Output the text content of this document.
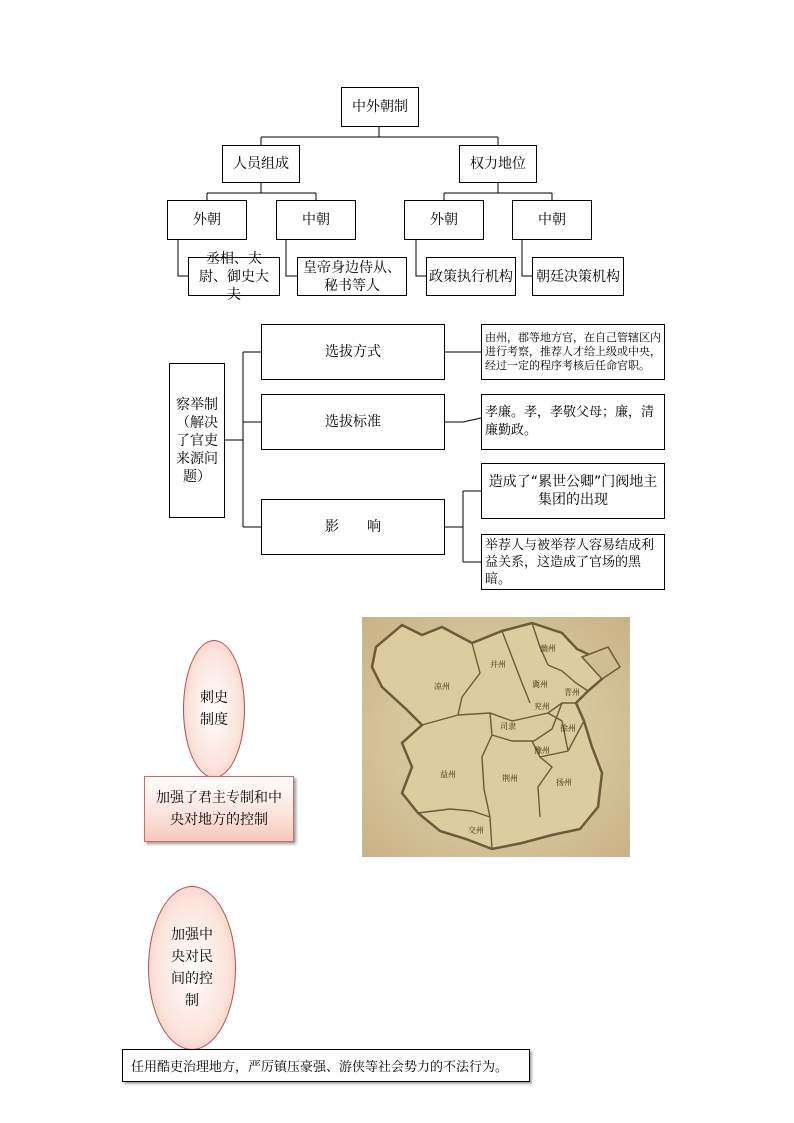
中外朝制
人员组成	权力地位
外朝	中朝	外朝	中朝
丞相、太尉、御史大夫
皇帝身边侍从、秘书等人
政策执行机构 朝廷决策机构
察举制（解决了官吏来源问题）
选拔方式
选拔标准
影　　响
由州，郡等地方官，在自己管辖区内进行考察，推荐人才给上级或中央，经过一定的程序考核后任命官职。
孝廉。孝，孝敬父母；廉，清廉勤政。
造成了“累世公卿”门阀地主集团的出现
举荐人与被举荐人容易结成利益关系，这造成了官场的黑暗。
刺史制度
加强了君主专制和中央对地方的控制
幽州
并州
冀州
凉州
青州
兖州
司隶	徐州
豫州
益州	荆州	扬州
交州
加强中央对民间的控制
任用酷吏治理地方，严厉镇压豪强、游侠等社会势力的不法行为。
